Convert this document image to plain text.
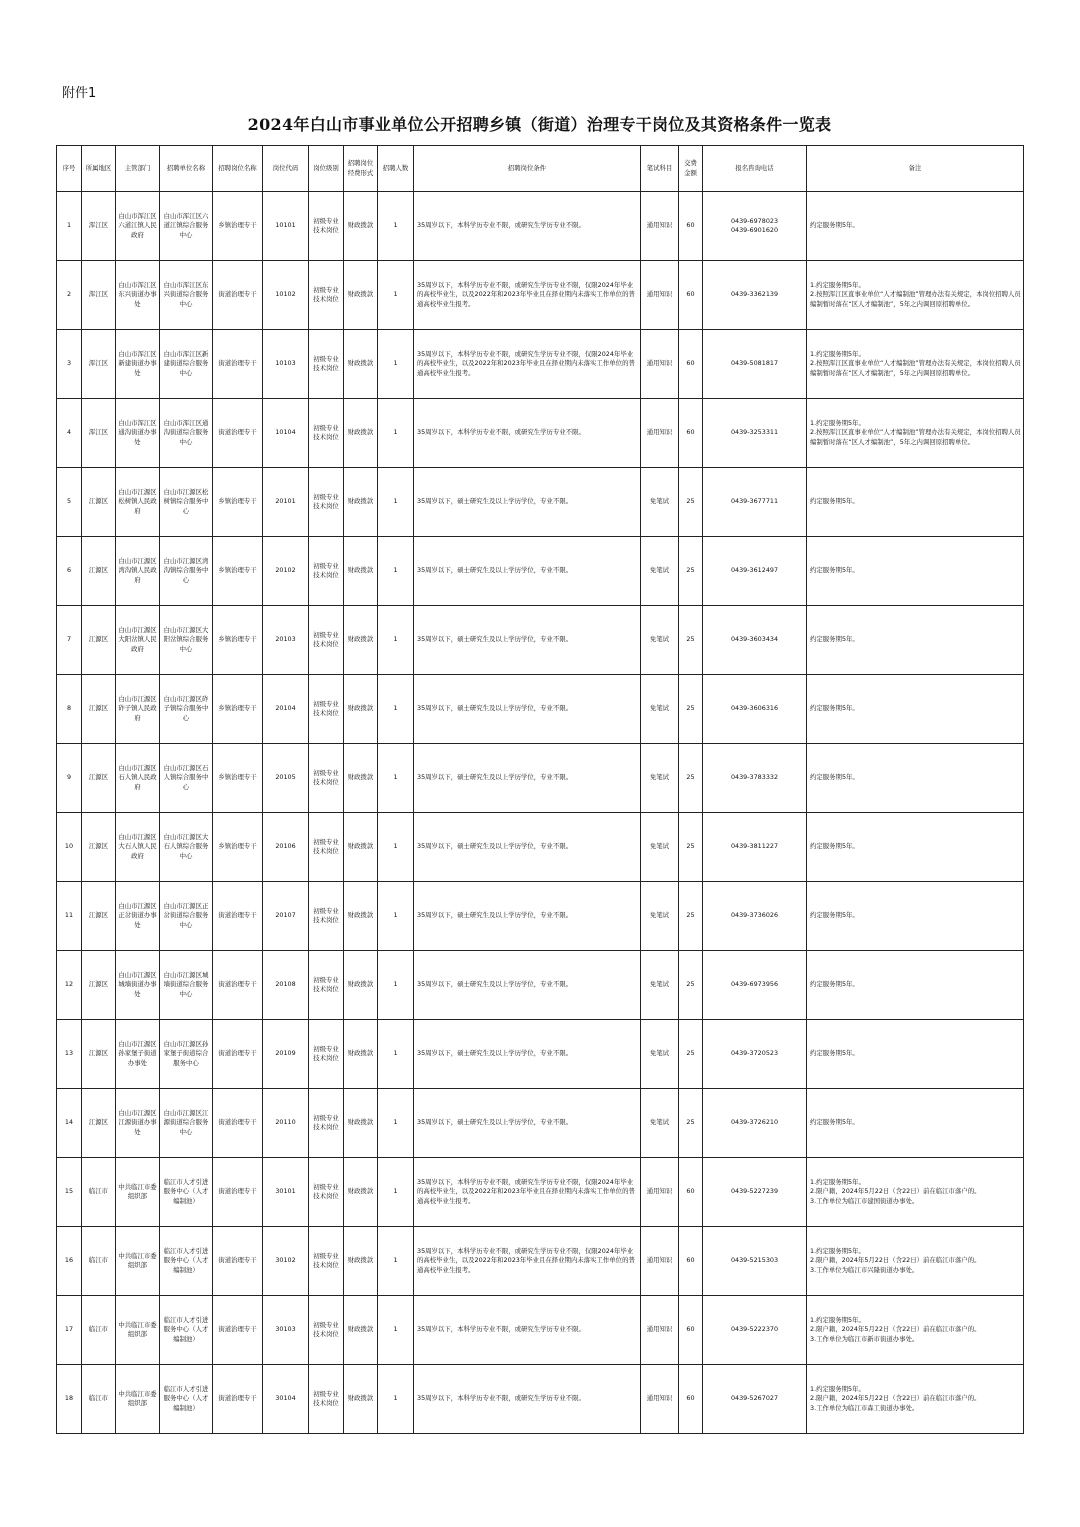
附件1
2024年白山市事业单位公开招聘乡镇（街道）治理专干岗位及其资格条件一览表
序号	所属地区	主管部门	招聘单位名称	招聘岗位名称	岗位代码	岗位级别	招聘岗位经费形式	招聘人数	招聘岗位条件	笔试科目	交费金额	报名咨询电话	备注
1	浑江区	白山市浑江区六道江镇人民政府	白山市浑江区六道江镇综合服务中心	乡镇治理专干	10101	初级专业技术岗位	财政拨款	1	35周岁以下，本科学历专业不限，或研究生学历专业不限。	通用知识	60	0439-6978023
0439-6901620	约定服务期5年。
2	浑江区	白山市浑江区东兴街道办事处	白山市浑江区东兴街道综合服务中心	街道治理专干	10102	初级专业技术岗位	财政拨款	1	35周岁以下，本科学历专业不限，或研究生学历专业不限，仅限2024年毕业的高校毕业生，以及2022年和2023年毕业且在择业期内未落实工作单位的普通高校毕业生报考。	通用知识	60	0439-3362139	1.约定服务期5年。
2.按照浑江区直事业单位“人才编制池”管理办法有关规定，本岗位招聘人员编制暂时落在“区人才编制池”，5年之内调回原招聘单位。
3	浑江区	白山市浑江区新建街道办事处	白山市浑江区新建街道综合服务中心	街道治理专干	10103	初级专业技术岗位	财政拨款	1	35周岁以下，本科学历专业不限，或研究生学历专业不限，仅限2024年毕业的高校毕业生，以及2022年和2023年毕业且在择业期内未落实工作单位的普通高校毕业生报考。	通用知识	60	0439-5081817	1.约定服务期5年。
2.按照浑江区直事业单位“人才编制池”管理办法有关规定，本岗位招聘人员编制暂时落在“区人才编制池”，5年之内调回原招聘单位。
4	浑江区	白山市浑江区通沟街道办事处	白山市浑江区通沟街道综合服务中心	街道治理专干	10104	初级专业技术岗位	财政拨款	1	35周岁以下，本科学历专业不限，或研究生学历专业不限。	通用知识	60	0439-3253311	1.约定服务期5年。
2.按照浑江区直事业单位“人才编制池”管理办法有关规定，本岗位招聘人员编制暂时落在“区人才编制池”，5年之内调回原招聘单位。
5	江源区	白山市江源区松树镇人民政府	白山市江源区松树镇综合服务中心	乡镇治理专干	20101	初级专业技术岗位	财政拨款	1	35周岁以下，硕士研究生及以上学历学位，专业不限。	免笔试	25	0439-3677711	约定服务期5年。
6	江源区	白山市江源区湾沟镇人民政府	白山市江源区湾沟镇综合服务中心	乡镇治理专干	20102	初级专业技术岗位	财政拨款	1	35周岁以下，硕士研究生及以上学历学位，专业不限。	免笔试	25	0439-3612497	约定服务期5年。
7	江源区	白山市江源区大阳岔镇人民政府	白山市江源区大阳岔镇综合服务中心	乡镇治理专干	20103	初级专业技术岗位	财政拨款	1	35周岁以下，硕士研究生及以上学历学位，专业不限。	免笔试	25	0439-3603434	约定服务期5年。
8	江源区	白山市江源区砟子镇人民政府	白山市江源区砟子镇综合服务中心	乡镇治理专干	20104	初级专业技术岗位	财政拨款	1	35周岁以下，硕士研究生及以上学历学位，专业不限。	免笔试	25	0439-3606316	约定服务期5年。
9	江源区	白山市江源区石人镇人民政府	白山市江源区石人镇综合服务中心	乡镇治理专干	20105	初级专业技术岗位	财政拨款	1	35周岁以下，硕士研究生及以上学历学位，专业不限。	免笔试	25	0439-3783332	约定服务期5年。
10	江源区	白山市江源区大石人镇人民政府	白山市江源区大石人镇综合服务中心	乡镇治理专干	20106	初级专业技术岗位	财政拨款	1	35周岁以下，硕士研究生及以上学历学位，专业不限。	免笔试	25	0439-3811227	约定服务期5年。
11	江源区	白山市江源区正岔街道办事处	白山市江源区正岔街道综合服务中心	街道治理专干	20107	初级专业技术岗位	财政拨款	1	35周岁以下，硕士研究生及以上学历学位，专业不限。	免笔试	25	0439-3736026	约定服务期5年。
12	江源区	白山市江源区城墙街道办事处	白山市江源区城墙街道综合服务中心	街道治理专干	20108	初级专业技术岗位	财政拨款	1	35周岁以下，硕士研究生及以上学历学位，专业不限。	免笔试	25	0439-6973956	约定服务期5年。
13	江源区	白山市江源区孙家堡子街道办事处	白山市江源区孙家堡子街道综合服务中心	街道治理专干	20109	初级专业技术岗位	财政拨款	1	35周岁以下，硕士研究生及以上学历学位，专业不限。	免笔试	25	0439-3720523	约定服务期5年。
14	江源区	白山市江源区江源街道办事处	白山市江源区江源街道综合服务中心	街道治理专干	20110	初级专业技术岗位	财政拨款	1	35周岁以下，硕士研究生及以上学历学位，专业不限。	免笔试	25	0439-3726210	约定服务期5年。
15	临江市	中共临江市委组织部	临江市人才引进服务中心（人才编制池）	街道治理专干	30101	初级专业技术岗位	财政拨款	1	35周岁以下，本科学历专业不限，或研究生学历专业不限，仅限2024年毕业的高校毕业生，以及2022年和2023年毕业且在择业期内未落实工作单位的普通高校毕业生报考。	通用知识	60	0439-5227239	1.约定服务期5年。
2.限户籍，2024年5月22日（含22日）前在临江市落户的。
3.工作单位为临江市建国街道办事处。
16	临江市	中共临江市委组织部	临江市人才引进服务中心（人才编制池）	街道治理专干	30102	初级专业技术岗位	财政拨款	1	35周岁以下，本科学历专业不限，或研究生学历专业不限，仅限2024年毕业的高校毕业生，以及2022年和2023年毕业且在择业期内未落实工作单位的普通高校毕业生报考。	通用知识	60	0439-5215303	1.约定服务期5年。
2.限户籍，2024年5月22日（含22日）前在临江市落户的。
3.工作单位为临江市兴隆街道办事处。
17	临江市	中共临江市委组织部	临江市人才引进服务中心（人才编制池）	街道治理专干	30103	初级专业技术岗位	财政拨款	1	35周岁以下，本科学历专业不限，或研究生学历专业不限。	通用知识	60	0439-5222370	1.约定服务期5年。
2.限户籍，2024年5月22日（含22日）前在临江市落户的。
3.工作单位为临江市新市街道办事处。
18	临江市	中共临江市委组织部	临江市人才引进服务中心（人才编制池）	街道治理专干	30104	初级专业技术岗位	财政拨款	1	35周岁以下，本科学历专业不限，或研究生学历专业不限。	通用知识	60	0439-5267027	1.约定服务期5年。
2.限户籍，2024年5月22日（含22日）前在临江市落户的。
3.工作单位为临江市森工街道办事处。
